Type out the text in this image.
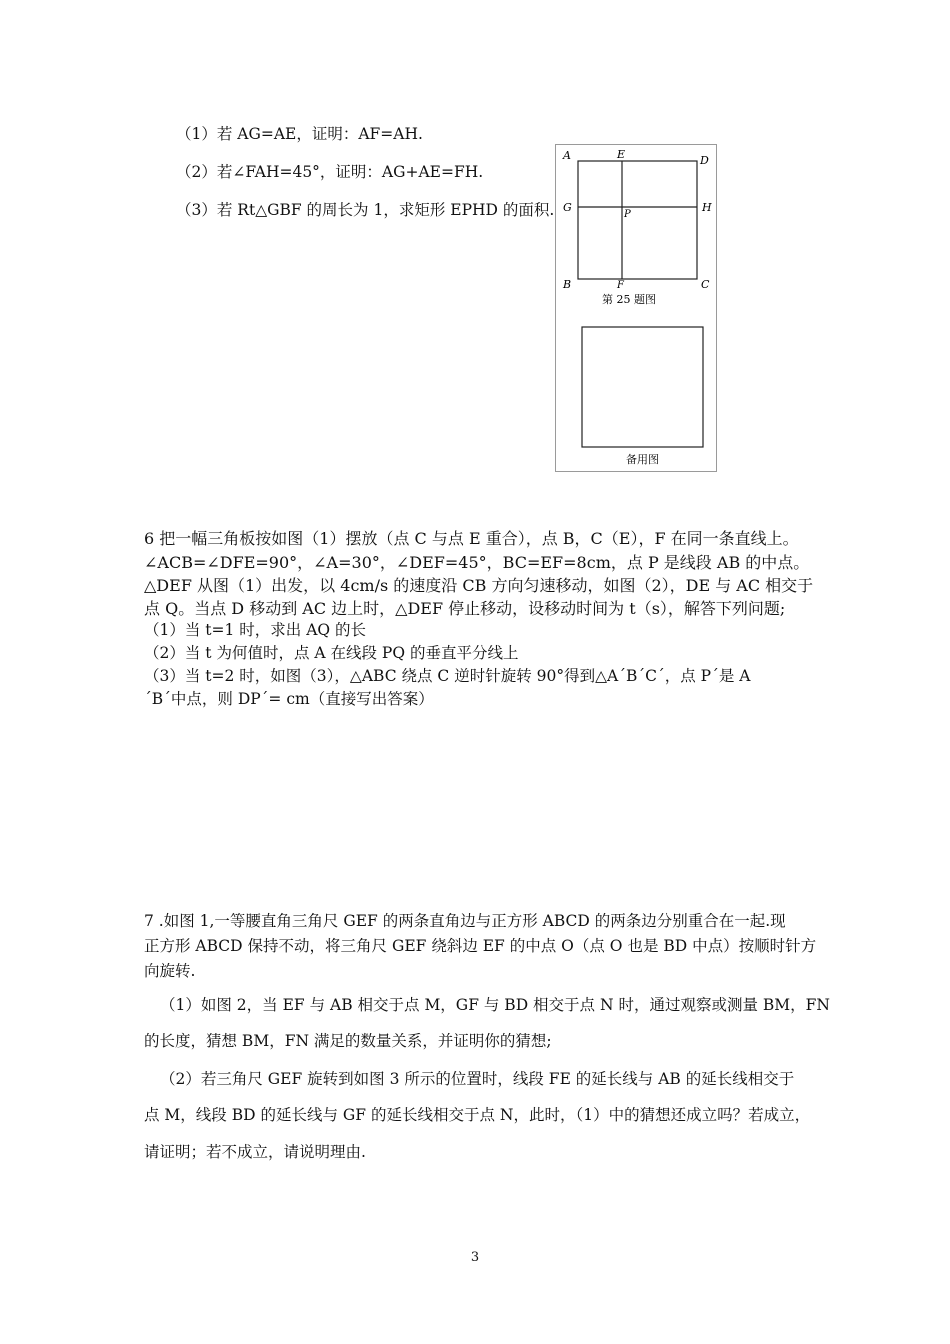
（1）若 AG=AE，证明：AF=AH.
（2）若∠FAH=45°，证明：AG+AE=FH.
（3）若 Rt△GBF 的周长为 1，求矩形 EPHD 的面积.
A	E	D
G
P
H
B	F	C
第 25 题图
备用图
6 把一幅三角板按如图（1）摆放（点 C 与点 E 重合），点 B，C（E），F 在同一条直线上。
∠ACB=∠DFE=90°，∠A=30°，∠DEF=45°，BC=EF=8cm，点 P 是线段 AB 的中点。
△DEF 从图（1）出发，以 4cm/s 的速度沿 CB 方向匀速移动，如图（2），DE 与 AC 相交于
点 Q。当点 D 移动到 AC 边上时，△DEF 停止移动，设移动时间为 t（s），解答下列问题;
（1）当 t=1 时，求出 AQ 的长
（2）当 t 为何值时，点 A 在线段 PQ 的垂直平分线上
（3）当 t=2 时，如图（3），△ABC 绕点 C 逆时针旋转 90°得到△A´B´C´，点 P´是 A
´B´中点，则 DP´= cm（直接写出答案）
7 .如图 1,一等腰直角三角尺 GEF 的两条直角边与正方形 ABCD 的两条边分别重合在一起.现
正方形 ABCD 保持不动，将三角尺 GEF 绕斜边 EF 的中点 O（点 O 也是 BD 中点）按顺时针方
向旋转.
（1）如图 2，当 EF 与 AB 相交于点 M，GF 与 BD 相交于点 N 时，通过观察或测量 BM，FN
的长度，猜想 BM，FN 满足的数量关系，并证明你的猜想;
（2）若三角尺 GEF 旋转到如图 3 所示的位置时，线段 FE 的延长线与 AB 的延长线相交于
点 M，线段 BD 的延长线与 GF 的延长线相交于点 N，此时，（1）中的猜想还成立吗？若成立，
请证明；若不成立，请说明理由.
3
